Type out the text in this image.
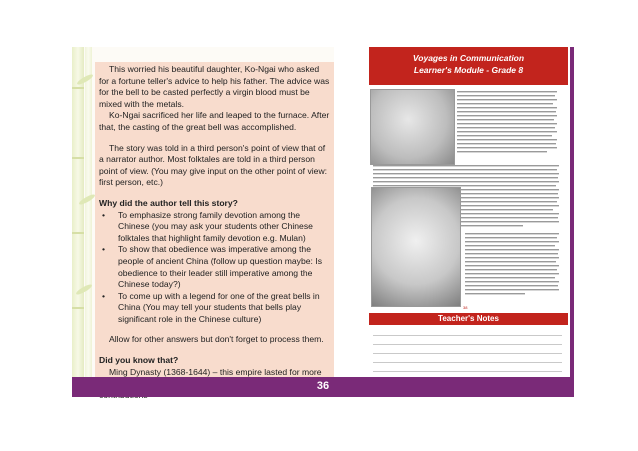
This worried his beautiful daughter, Ko-Ngai who asked for a fortune teller's advice to help his father. The advice was for the bell to be casted perfectly a virgin blood must be mixed with the metals.

Ko-Ngai sacrificed her life and leaped to the furnace. After that, the casting of the great bell was accomplished.

The story was told in a third person's point of view that of a narrator author. Most folktales are told in a third person point of view. (You may give input on the other point of view: first person, etc.)

Why did the author tell this story?

• To emphasize strong family devotion among the Chinese (you may ask your students other Chinese folktales that highlight family devotion e.g. Mulan)
• To show that obedience was imperative among the people of ancient China (follow up question maybe: Is obedience to their leader still imperative among the Chinese today?)
• To come up with a legend for one of the great bells in China (You may tell your students that bells play significant role in the Chinese culture)

Allow for other answers but don't forget to process them.

Did you know that?

Ming Dynasty (1368-1644) – this empire lasted for more

Voyages in Communication
Learner's Module - Grade 8
38
Teacher's Notes
36
